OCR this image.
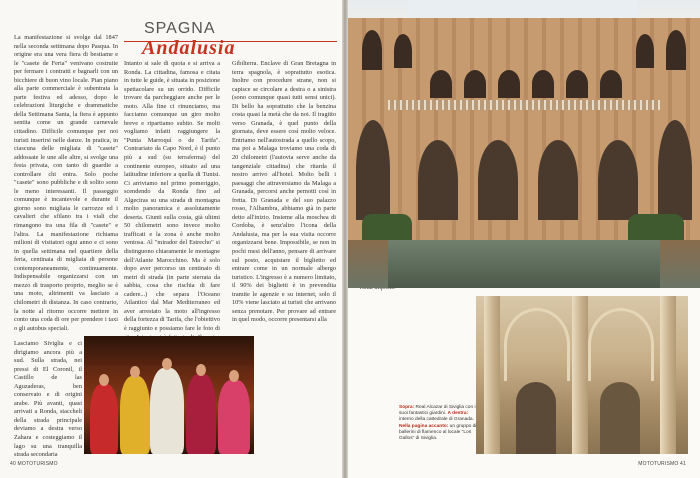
SPAGNA
Andalusia
La manifestazione si svolge dal 1847 nella seconda settimana dopo Pasqua. In origine era una vera fiera di bestiame e le "casete de Feria" venivano costruite per fermare i contratti e bagnarli con un bicchiere di buon vino locale. Pian piano alla parte commerciale è subentrata la parte festiva ed adesso, dopo le celebrazioni liturgiche e drammatiche della Settimana Santa, la fiera è appunto sentita come un grande carnevale cittadino. Difficile comunque per noi turisti inserirsi nelle danze. In pratica, in ciascuna delle migliaia di "casete" addossate le une alle altre, si svolge una festa privata, con tanto di guardie a controllare chi entra. Solo poche "casete" sono pubbliche e di solito sono le meno interessanti. Il passeggio comunque è incantevole e durante il giorno sono migliaia le carrozze ed i cavalieri che sfilano tra i viali che rimangono tra una fila di "casete" e l'altra. La manifestazione richiama milioni di visitatori ogni anno e ci sono in quella settimana nel quartiere della feria, centinaia di migliaia di persone contemporaneamente, continuamente. Indispensabile organizzarsi con un mezzo di trasporto proprio, meglio se è una moto, altrimenti va lasciato a chilometri di distanza. In caso contrario, la notte al ritorno occorre mettere in conto una coda di ore per prendere i taxi o gli autobus speciali.
Lasciamo Siviglia e ci dirigiamo ancora più a sud. Sulla strada, nei pressi di El Coronil, il Castillo de las Aguzaderas, ben conservato e di origini arabe. Più avanti, quasi arrivati a Ronda, staccheli della strada principale deviamo a destra verso Zahara e costeggiamo il lago su una tranquilla strada secondaria
Intanto si sale di quota e si arriva a Ronda. La cittadina, famosa e citata in tutte le guide, è situata in posizione spettacolare su un orrido. Difficile trovare da parcheggiare anche per le moto. Alla fine ci rinunciamo, ma facciamo comunque un giro molto breve e ripartiamo subito. Se molti vogliamo infatti raggiungere la "Punta Marroquí o de Tarifa". Contrariato da Capo Nord, è il punto più a sud (su terraferma) del continente europeo, situato ad una latitudine inferiore a quella di Tunisi. Ci arriviamo nel primo pomeriggio, scendendo da Ronda fino ad Algeciras su una strada di montagna molto panoramica e assolutamente deserta. Giunti sulla costa, già ultimi 50 chilometri sono invece molto trafficati e la zona è anche molto ventosa. Al "mirador del Estrecho" si distinguono chiaramente le montagne dell'Atlante Marocchino. Ma è solo dopo aver percorso un centinaio di metri di strada (in parte sterrata da sabbia, cosa che rischia di fare cadere...) che separa l'Oceano Atlantico dal Mar Mediterraneo ed aver arrestato la moto all'ingresso della fortezza di Tarifa, che l'obiettivo è raggiunto e possiamo fare le foto di
Gibilterra. Enclave di Gran Bretagna in terra spagnola, è soprattutto esotica. Inoltre con procedure strane, non si capisce se circolare a destra o a sinistra (sono comunque quasi tutti sensi unici). Di bello ha soprattutto che la benzina costa quasi la metà che da noi. Il tragitto verso Granada, è quel punto della giornata, deve essere così molto veloce. Entriamo nell'autostrada a quello scopo, ma poi a Malaga troviamo una coda di 20 chilometri (l'autovia serve anche da tangenziale cittadina) che ritarda il nostro arrivo all'hotel. Molto belli i paesaggi che attraversiamo da Malaga a Granada, percorsi anche pernotti così in fretta. Di Granada e del suo palazzo rosso, l'Alhambra, abbiamo già in parte detto all'inizio. Insieme alla moschea di Cordoba, è senz'altro l'icona della Andalusia, ma per la sua visita occorre organizzarsi bene. Impossibile, se non in pochi mesi dell'anno, pensare di arrivare sul posto, acquistare il biglietto ed entrare come in un normale albergo turistico. L'ingresso è a numero limitato, il 90% dei biglietti è in prevendita tramite le agenzie e su internet, solo il 10% viene lasciato ai turisti che arrivano senza prenotare. Per provare ad entrare in quel modo, occorre presentarsi alla
40 MOTOTURISMO	MOTOTURISMO 41
Sopra: Real Alcazar di Siviglia con i suoi fantastici giardini. A destra: interno della cattedrale di Granada. Nella pagina accanto: un gruppo di ballerini di flamenco al locale "Los Gallos" di Siviglia.
